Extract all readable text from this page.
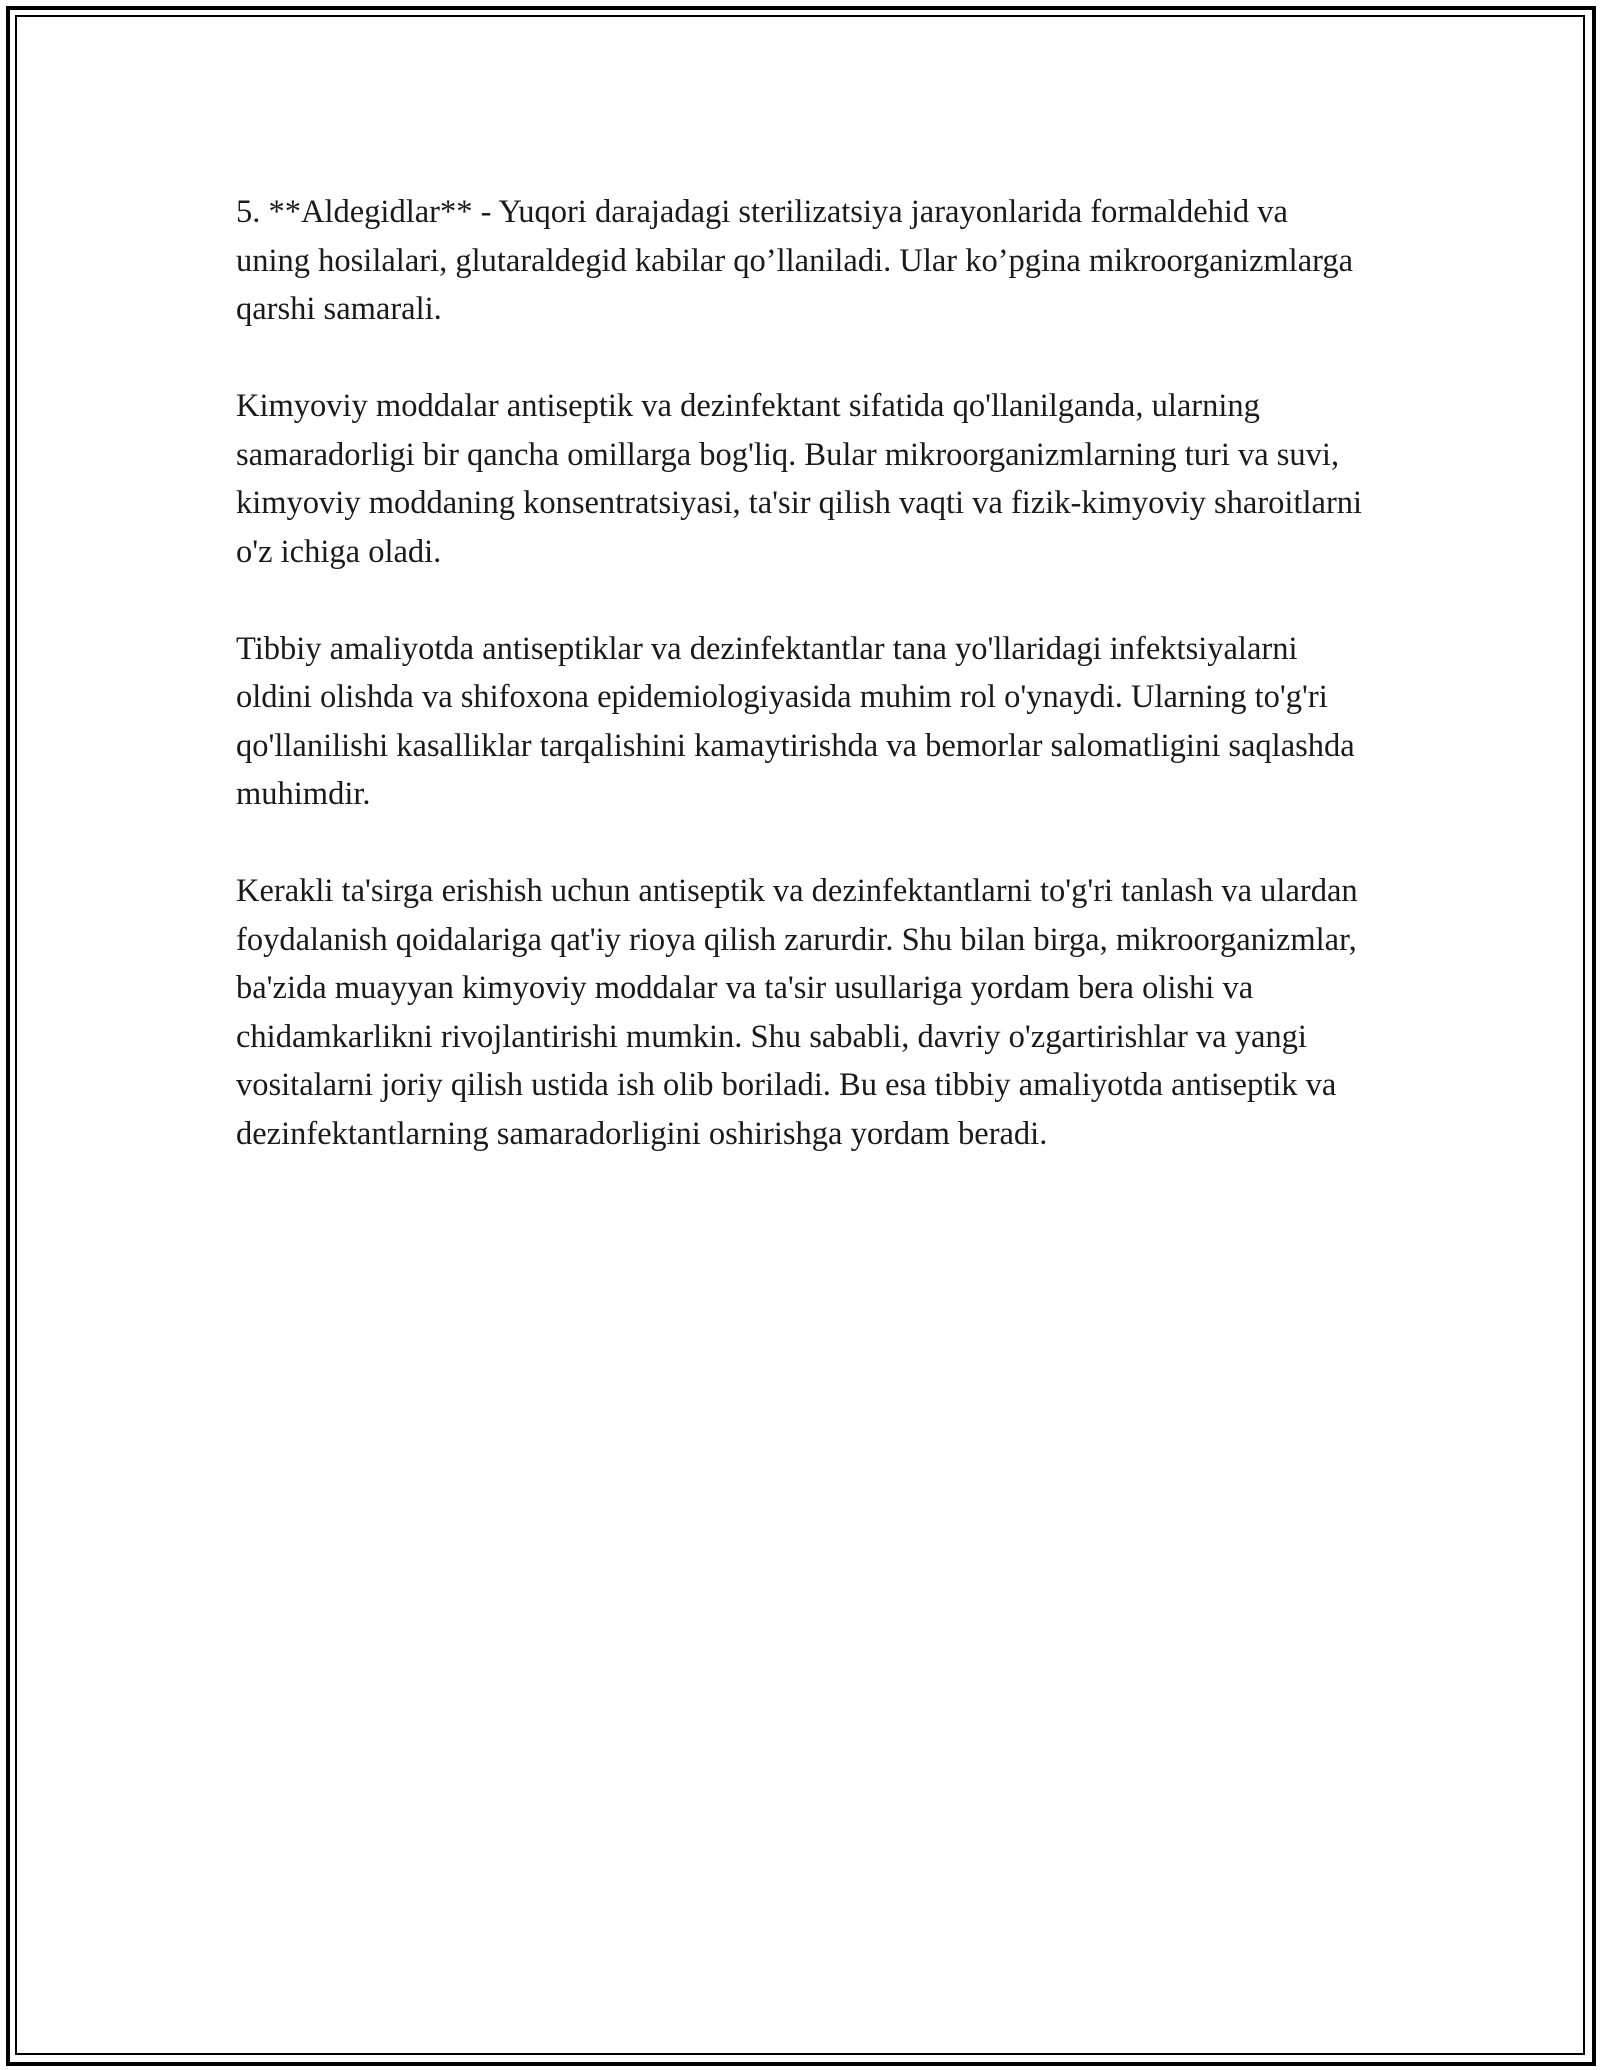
5. **Aldegidlar** - Yuqori darajadagi sterilizatsiya jarayonlarida formaldehid va uning hosilalari, glutaraldegid kabilar qo’llaniladi. Ular ko’pgina mikroorganizmlarga qarshi samarali.

Kimyoviy moddalar antiseptik va dezinfektant sifatida qo'llanilganda, ularning samaradorligi bir qancha omillarga bog'liq. Bular mikroorganizmlarning turi va suvi, kimyoviy moddaning konsentratsiyasi, ta'sir qilish vaqti va fizik-kimyoviy sharoitlarni o'z ichiga oladi.

Tibbiy amaliyotda antiseptiklar va dezinfektantlar tana yo'llaridagi infektsiyalarni oldini olishda va shifoxona epidemiologiyasida muhim rol o'ynaydi. Ularning to'g'ri qo'llanilishi kasalliklar tarqalishini kamaytirishda va bemorlar salomatligini saqlashda muhimdir.

Kerakli ta'sirga erishish uchun antiseptik va dezinfektantlarni to'g'ri tanlash va ulardan foydalanish qoidalariga qat'iy rioya qilish zarurdir. Shu bilan birga, mikroorganizmlar, ba'zida muayyan kimyoviy moddalar va ta'sir usullariga yordam bera olishi va chidamkarlikni rivojlantirishi mumkin. Shu sababli, davriy o'zgartirishlar va yangi vositalarni joriy qilish ustida ish olib boriladi. Bu esa tibbiy amaliyotda antiseptik va dezinfektantlarning samaradorligini oshirishga yordam beradi.
